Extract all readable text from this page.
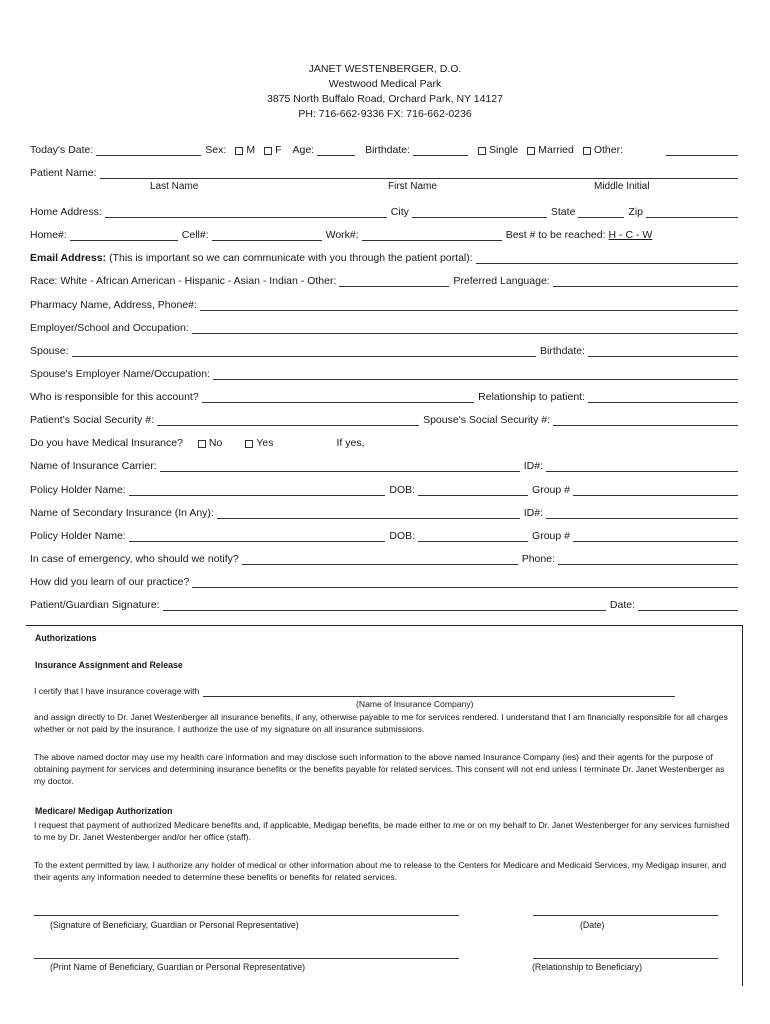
JANET WESTENBERGER, D.O.
Westwood Medical Park
3875 North Buffalo Road, Orchard Park, NY 14127
PH: 716-662-9336 FX: 716-662-0236
Today's Date:	Sex: M F Age:	Birthdate:	Single Married Other:
Patient Name:
Last Name	First Name	Middle Initial
Home Address:	City	State	Zip
Home#:	Cell#:	Work#:	Best # to be reached: H - C - W
Email Address: (This is important so we can communicate with you through the patient portal):
Race: White - African American - Hispanic - Asian - Indian - Other:	Preferred Language:
Pharmacy Name, Address, Phone#:
Employer/School and Occupation:
Spouse:	Birthdate:
Spouse's Employer Name/Occupation:
Who is responsible for this account?	Relationship to patient:
Patient's Social Security #:	Spouse's Social Security #:
Do you have Medical Insurance? No	Yes	If yes,
Name of Insurance Carrier:	ID#:
Policy Holder Name:	DOB:	Group #
Name of Secondary Insurance (In Any):	ID#:
Policy Holder Name:	DOB:	Group #
In case of emergency, who should we notify?	Phone:
How did you learn of our practice?
Patient/Guardian Signature:	Date:
Authorizations
Insurance Assignment and Release
I certify that I have insurance coverage with
(Name of Insurance Company)
and assign directly to Dr. Janet Westenberger all insurance benefits, if any, otherwise payable to me for services rendered. I understand that I am financially responsible for all charges whether or not paid by the insurance. I authorize the use of my signature on all insurance submissions.
The above named doctor may use my health care information and may disclose such information to the above named Insurance Company (ies) and their agents for the purpose of obtaining payment for services and determining insurance benefits or the benefits payable for related services. This consent will not end unless I terminate Dr. Janet Westenberger as my doctor.
Medicare/ Medigap Authorization
I request that payment of authorized Medicare benefits and, if applicable, Medigap benefits, be made either to me or on my behalf to Dr. Janet Westenberger for any services furnished to me by Dr. Janet Westenberger and/or her office (staff).
To the extent permitted by law, I authorize any holder of medical or other information about me to release to the Centers for Medicare and Medicaid Services, my Medigap insurer, and their agents any information needed to determine these benefits or benefits for related services.
(Signature of Beneficiary, Guardian or Personal Representative)	(Date)
(Print Name of Beneficiary, Guardian or Personal Representative)	(Relationship to Beneficiary)
